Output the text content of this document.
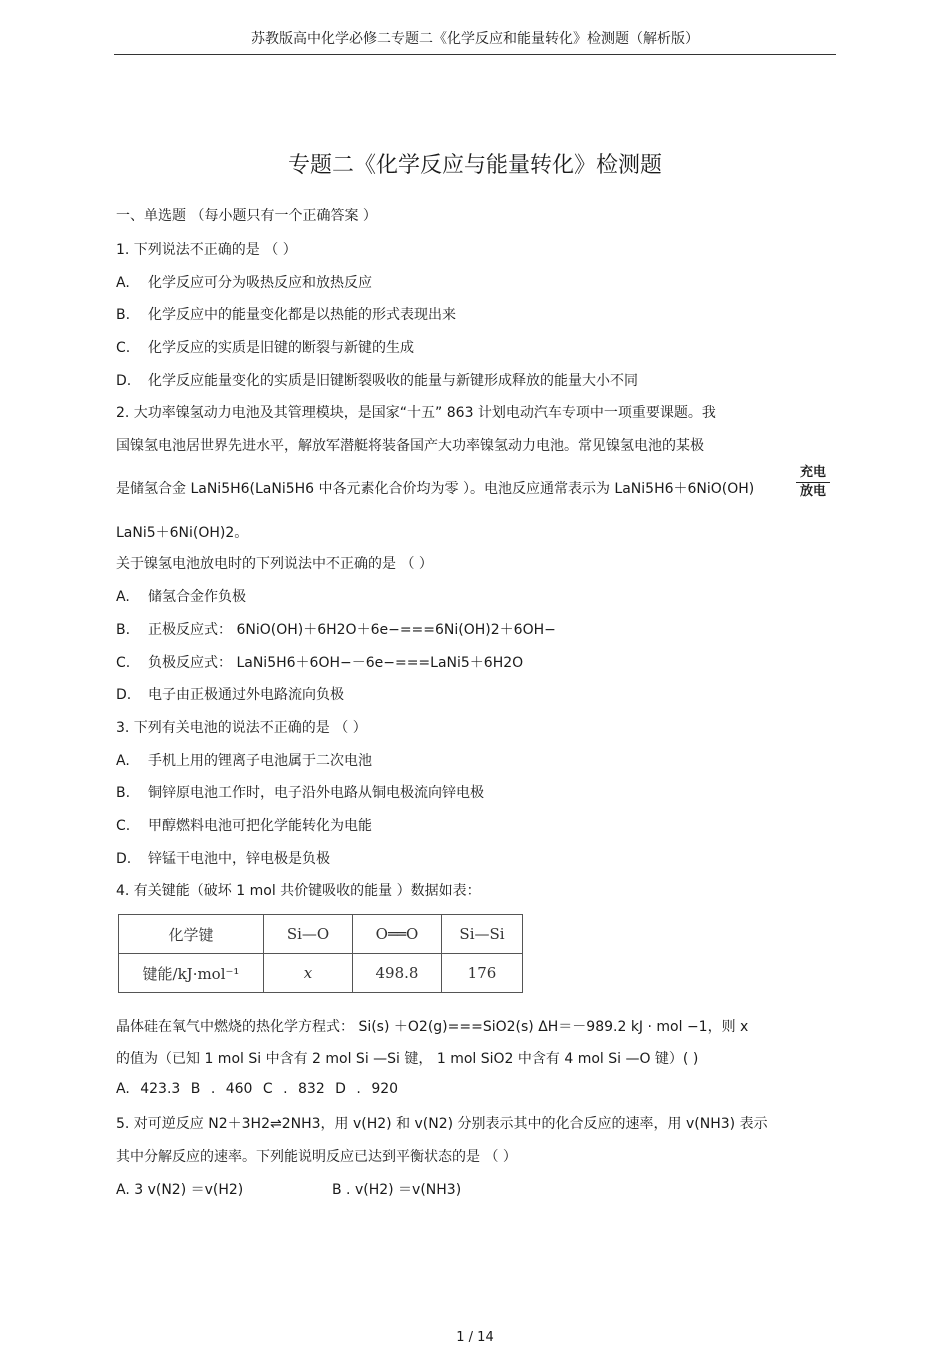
苏教版高中化学必修二专题二《化学反应和能量转化》检测题（解析版）
专题二《化学反应与能量转化》检测题
一、单选题 （每小题只有一个正确答案 ）
1. 下列说法不正确的是 （ ）
A. 化学反应可分为吸热反应和放热反应
B. 化学反应中的能量变化都是以热能的形式表现出来
C. 化学反应的实质是旧键的断裂与新键的生成
D. 化学反应能量变化的实质是旧键断裂吸收的能量与新键形成释放的能量大小不同
2. 大功率镍氢动力电池及其管理模块，是国家“十五” 863 计划电动汽车专项中一项重要课题。我
国镍氢电池居世界先进水平，解放军潜艇将装备国产大功率镍氢动力电池。常见镍氢电池的某极
是储氢合金 LaNi5H6(LaNi5H6 中各元素化合价均为零 ）。电池反应通常表示为 LaNi5H6＋6NiO(OH)
充电
放电
LaNi5＋6Ni(OH)2。
关于镍氢电池放电时的下列说法中不正确的是 （ ）
A. 储氢合金作负极
B. 正极反应式： 6NiO(OH)＋6H2O＋6e−===6Ni(OH)2＋6OH−
C. 负极反应式： LaNi5H6＋6OH−－6e−===LaNi5＋6H2O
D. 电子由正极通过外电路流向负极
3. 下列有关电池的说法不正确的是 （ ）
A. 手机上用的锂离子电池属于二次电池
B. 铜锌原电池工作时，电子沿外电路从铜电极流向锌电极
C. 甲醇燃料电池可把化学能转化为电能
D. 锌锰干电池中，锌电极是负极
4. 有关键能（破坏 1 mol 共价键吸收的能量 ）数据如表：
化学键	Si—O	O══O	Si—Si
键能/kJ·mol⁻¹	x	498.8	176
晶体硅在氧气中燃烧的热化学方程式： Si(s) ＋O2(g)===SiO2(s) ΔH＝－989.2 kJ · mol −1，则 x
的值为（已知 1 mol Si 中含有 2 mol Si —Si 键， 1 mol SiO2 中含有 4 mol Si —O 键）( )
A. 423.3 B . 460 C . 832 D . 920
5. 对可逆反应 N2＋3H2⇌2NH3，用 v(H2) 和 v(N2) 分别表示其中的化合反应的速率，用 v(NH3) 表示
其中分解反应的速率。下列能说明反应已达到平衡状态的是 （ ）
A. 3 v(N2) ＝v(H2)	B . v(H2) ＝v(NH3)
1 / 14
